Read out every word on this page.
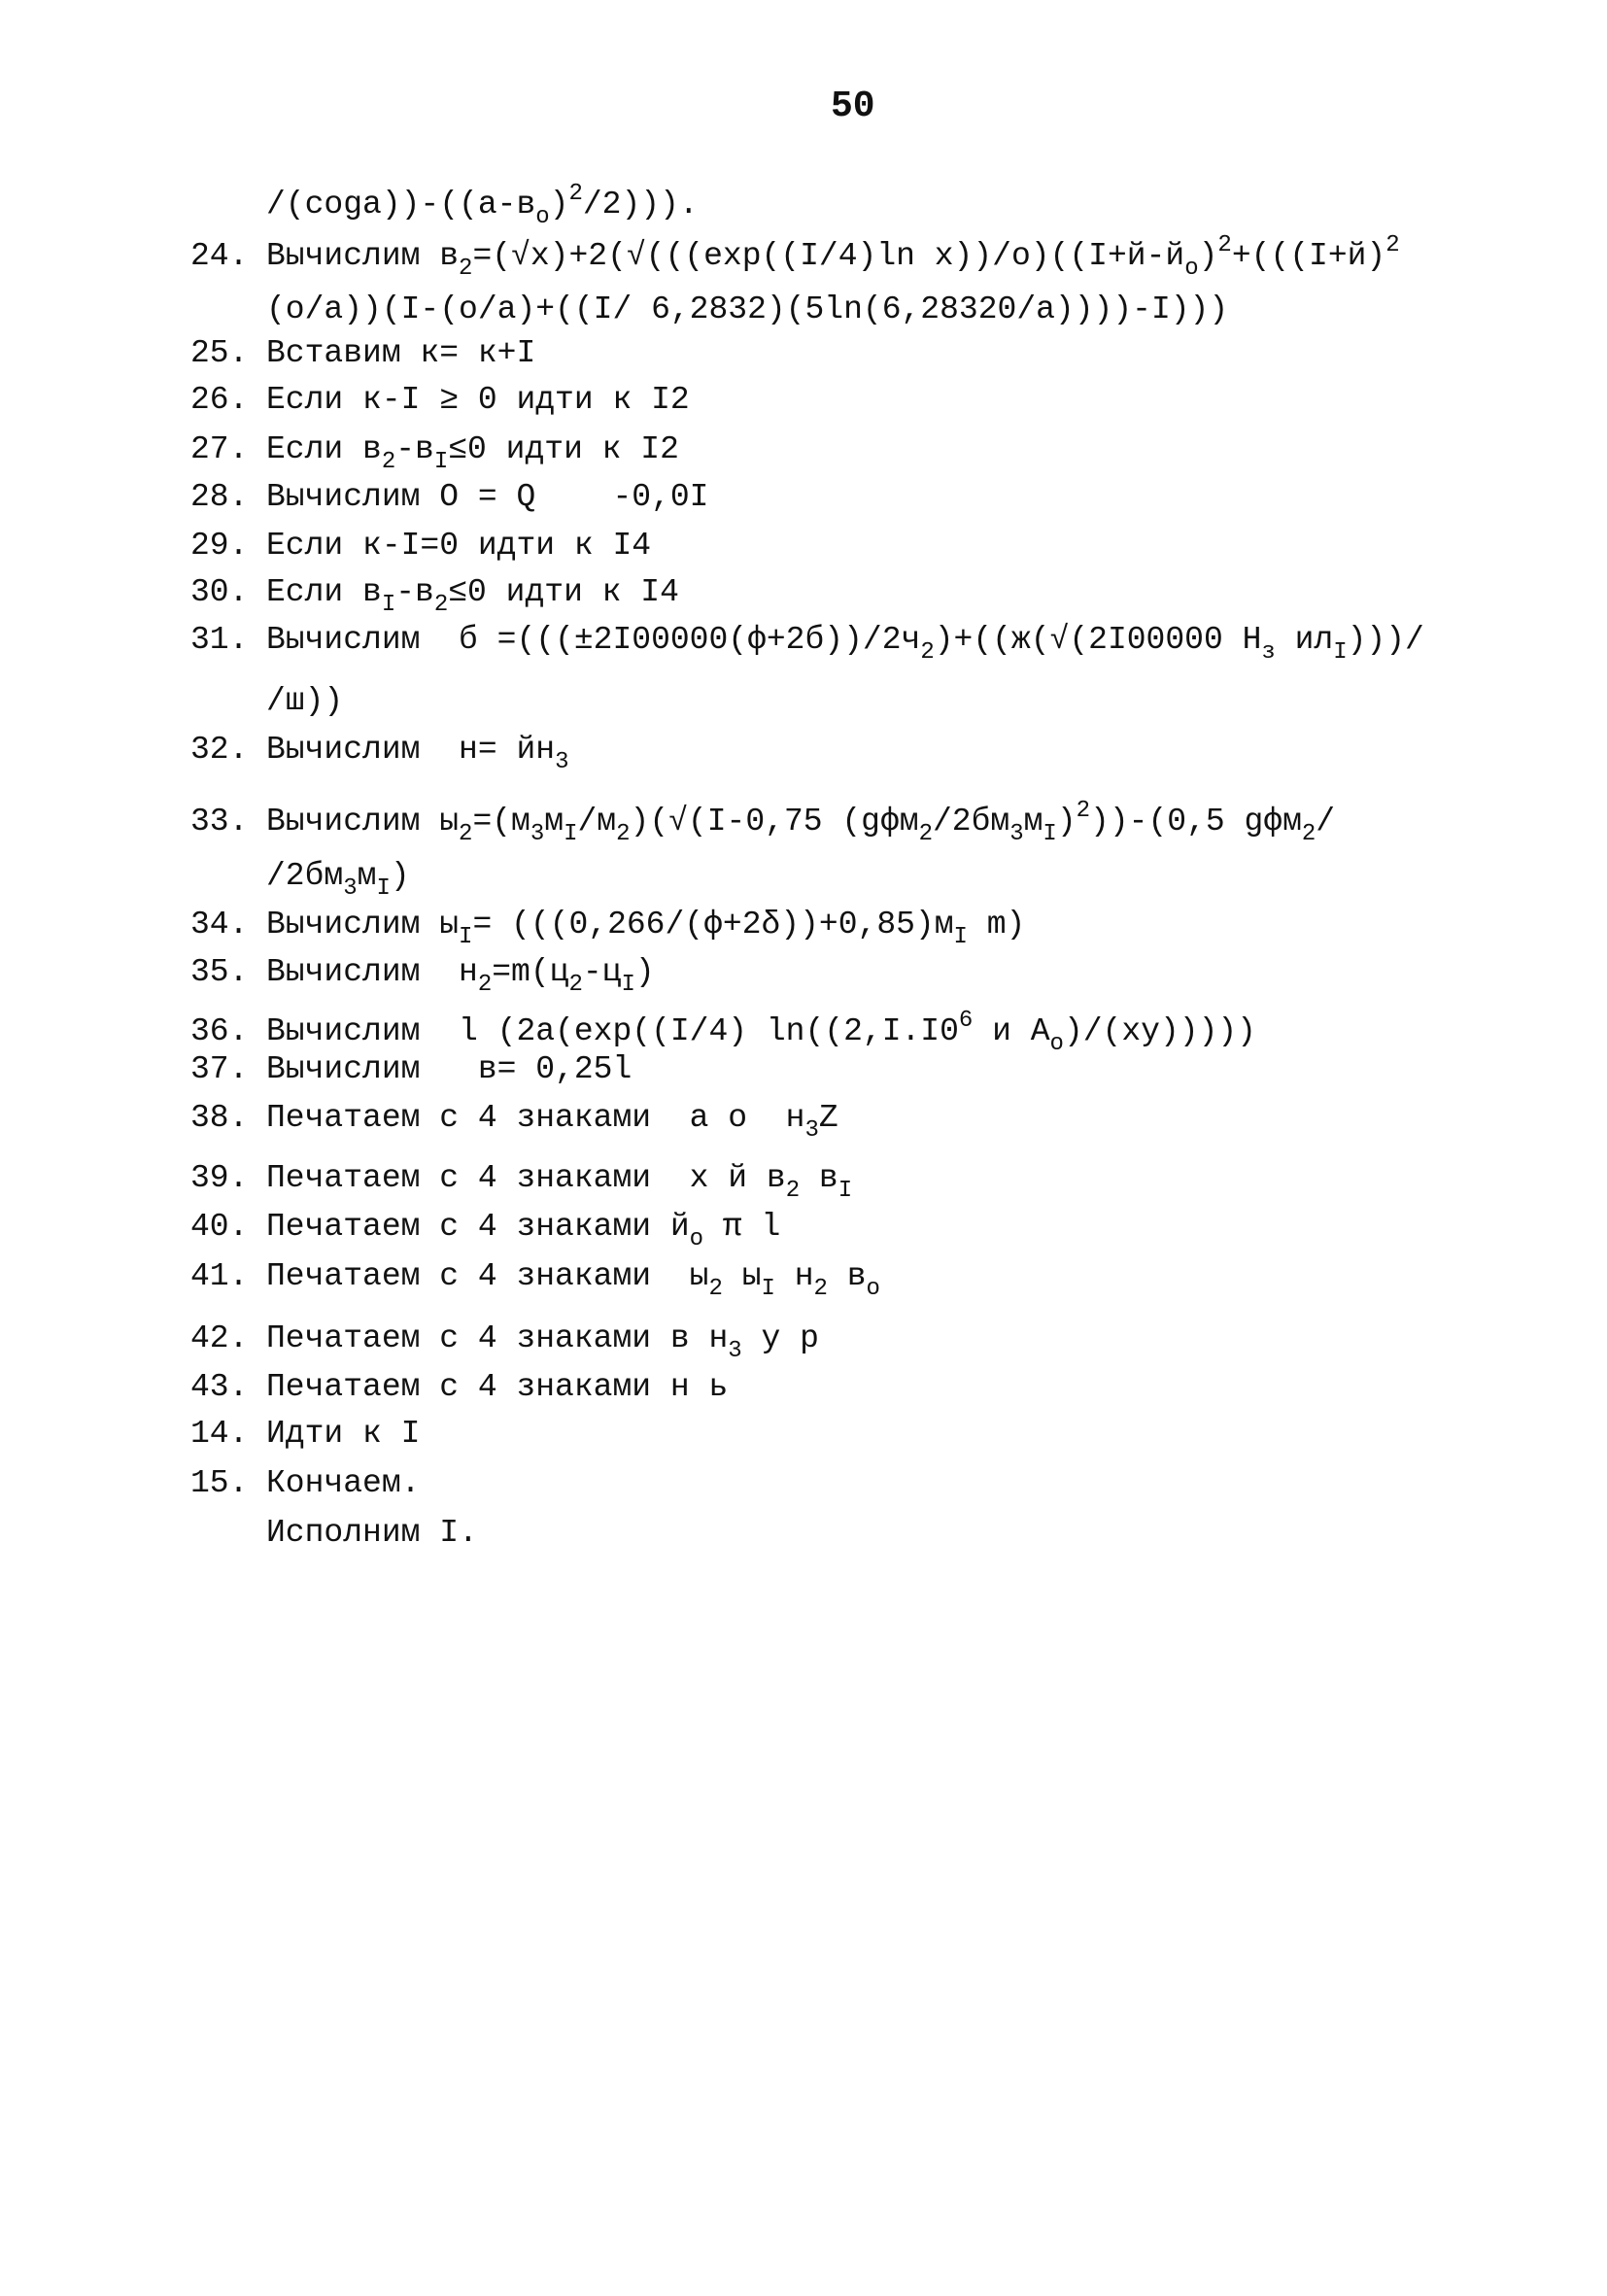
50
$/(coga))-((a-в_о)^2/2)$)).
24. Вычислим $в_2=(√x)+2(√(((\exp((I/4)\ln$ $x))/o)((I+й-й_о)^2+(((I+й)^2$
(o/a))(I-(o/a)+((I/ 6,2832)(5ln(6,28320/a))))-I)))
25. Вставим к= к+I
26. Если к-I ≥ 0 идти к I2
27. Если $в_2-в_I\le 0$ идти к I2
28. Вычислим O = Q    -0,0I
29. Если к-I=0 идти к I4
30. Если $в_I-в_2\le 0$ идти к I4
31. Вычислим  $б =(((\pm 2I00000(ф+2б))/2ч_2)+((ж(√(2I00000$ $H_з$ $ил_I)))/$
/ш))
32. Вычислим  $н= йн_3$
33. Вычислим $ы_2=(м_3м_I/м_2)(√(I-0,75$ $(gфм_2/2бм_3м_I)^2))-(0,5$ gфм$_2$/
$/2бм_3м_I$)
34. Вычислим $ы_I= (((0,266/(ф+2\delta))+0,85)м_I$ m)
35. Вычислим  $н_2=m(ц_2-ц_I)$
36. Вычислим  l (2a(exp((I/4) $\ln((2,I.I0^6$ и $A_о)/(xy)$))))
37. Вычислим   в= 0,25l
38. Печатаем с 4 знаками  а о  $н_3Z$
39. Печатаем с 4 знаками  х й $в_2$ $в_I$
40. Печатаем с 4 знаками $й_о$ π l
41. Печатаем с 4 знаками  $ы_2$ $ы_I$ $н_2$ $в_о$
42. Печатаем с 4 знаками в $н_3$ у р
43. Печатаем с 4 знаками н ь
14. Идти к I
15. Кончаем.
Исполним I.
